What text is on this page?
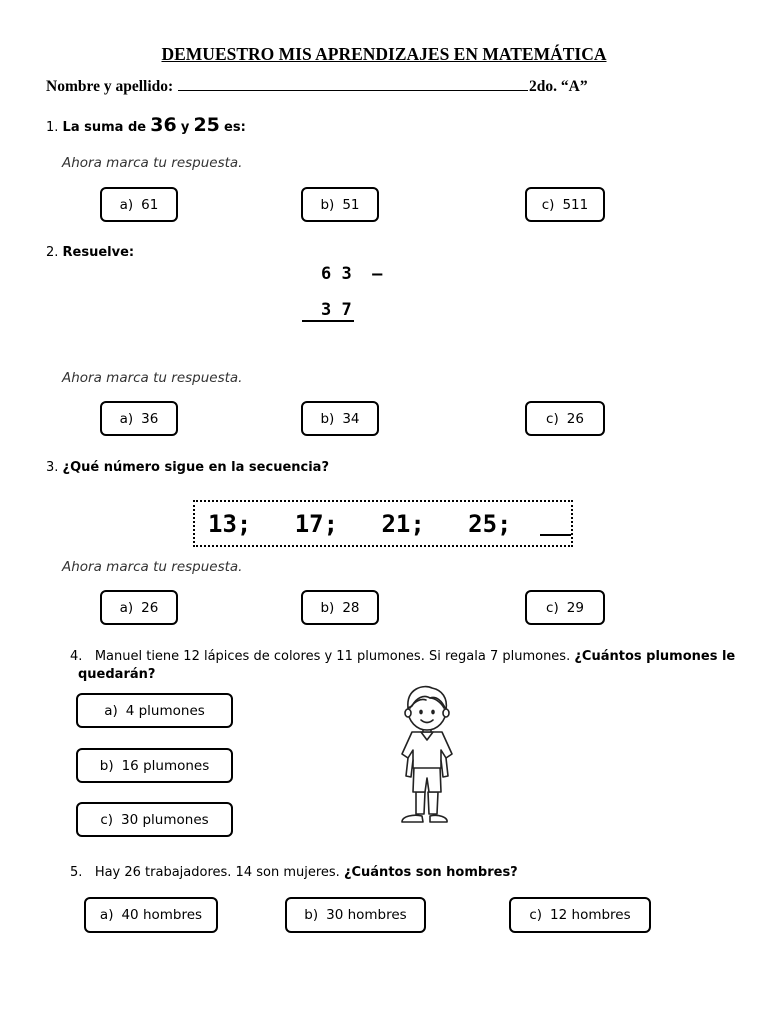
DEMUESTRO MIS APRENDIZAJES EN MATEMÁTICA
Nombre y apellido:	2do. “A”
1. La suma de 36 y 25 es:
Ahora marca tu respuesta.
a) 61	b) 51	c) 511
2. Resuelve:
6 3  –
3 7
Ahora marca tu respuesta.
a) 36	b) 34	c) 26
3. ¿Qué número sigue en la secuencia?
13;
17;
21;
25;

Ahora marca tu respuesta.
a) 26	b) 28	c) 29
4. Manuel tiene 12 lápices de colores y 11 plumones. Si regala 7 plumones. ¿Cuántos plumones le
quedarán?
a) 4 plumones
b) 16 plumones
c) 30 plumones
5. Hay 26 trabajadores. 14 son mujeres. ¿Cuántos son hombres?
a) 40 hombres	b) 30 hombres	c) 12 hombres
